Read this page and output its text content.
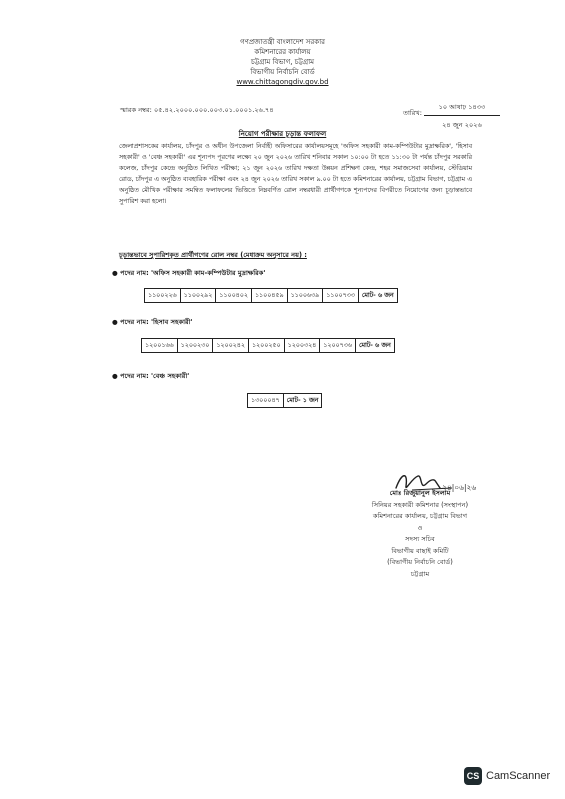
গণপ্রজাতন্ত্রী বাংলাদেশ সরকার
কমিশনারের কার্যালয়
চট্টগ্রাম বিভাগ, চট্টগ্রাম
বিভাগীয় নির্বাচনি বোর্ড
www.chittagongdiv.gov.bd
স্মারক নম্বর: ০৫.৪২.২০০০.০০০.০০৩.০১.০০০১.২৬.৭৪	তারিখ:
১০ আষাঢ় ১৪৩৩
২৪ জুন ২০২৬
নিয়োগ পরীক্ষার চূড়ান্ত ফলাফল
জেলাপ্রশাসকের কার্যালয়, চাঁদপুর ও অধীন উপজেলা নির্বাহী অফিসারের কার্যালয়সমূহে 'অফিস সহকারী কাম-কম্পিউটার মুদ্রাক্ষরিক', 'হিসাব সহকারী' ও 'বেঞ্চ সহকারী' এর শূন্যপদ পূরণের লক্ষ্যে ২০ জুন ২০২৬ তারিখ শনিবার সকাল ১০:০০ টা হতে ১১:৩০ টা পর্যন্ত চাঁদপুর সরকারি কলেজ, চাঁদপুর কেন্দ্রে অনুষ্ঠিত লিখিত পরীক্ষা; ২১ জুন ২০২৬ তারিখ দক্ষতা উন্নয়ন প্রশিক্ষণ কেন্দ্র, শহর সমাজসেবা কার্যালয়, স্টেডিয়াম রোড, চাঁদপুর এ অনুষ্ঠিত ব্যবহারিক পরীক্ষা এবং ২৪ জুন ২০২৬ তারিখ সকাল ৯.০০ টা হতে কমিশনারের কার্যালয়, চট্টগ্রাম বিভাগ, চট্টগ্রাম এ অনুষ্ঠিত মৌখিক পরীক্ষার সমন্বিত ফলাফলের ভিত্তিতে নিম্নবর্ণিত রোল নম্বরধারী প্রার্থীগণকে শূন্যপদের বিপরীতে নিয়োগের জন্য চূড়ান্তভাবে সুপারিশ করা হলো।
চূড়ান্তভাবে সুপারিশকৃত প্রার্থীগণের রোল নম্বর (মেধাক্রম অনুসারে নয়) :
● পদের নাম: 'অফিস সহকারী কাম-কম্পিউটার মুদ্রাক্ষরিক'
১১০০২২৬	১১০০২৯২	১১০০৪০২	১১০০৪৫৯	১১০০৬৩৯	১১০০৭৩৩	মোট- ৬ জন
● পদের নাম: 'হিসাব সহকারী'
১২০০১৬৬	১২০০২৩০	১২০০২৪২	১২০০২৫০	১২০০৩২৪	১২০০৭৩৬	মোট- ৬ জন
● পদের নাম: 'বেঞ্চ সহকারী'
১৩০০০৪৭	মোট- ১ জন
২৪|০৬|২৬
মোঃ রিজুয়ানুল ইসলাম
সিনিয়র সহকারী কমিশনার (সংস্থাপন)
কমিশনারের কার্যালয়, চট্টগ্রাম বিভাগ
ও
সদস্য সচিব
বিভাগীয় বাছাই কমিটি
(বিভাগীয় নির্বাচনি বোর্ড)
চট্টগ্রাম
CS CamScanner
